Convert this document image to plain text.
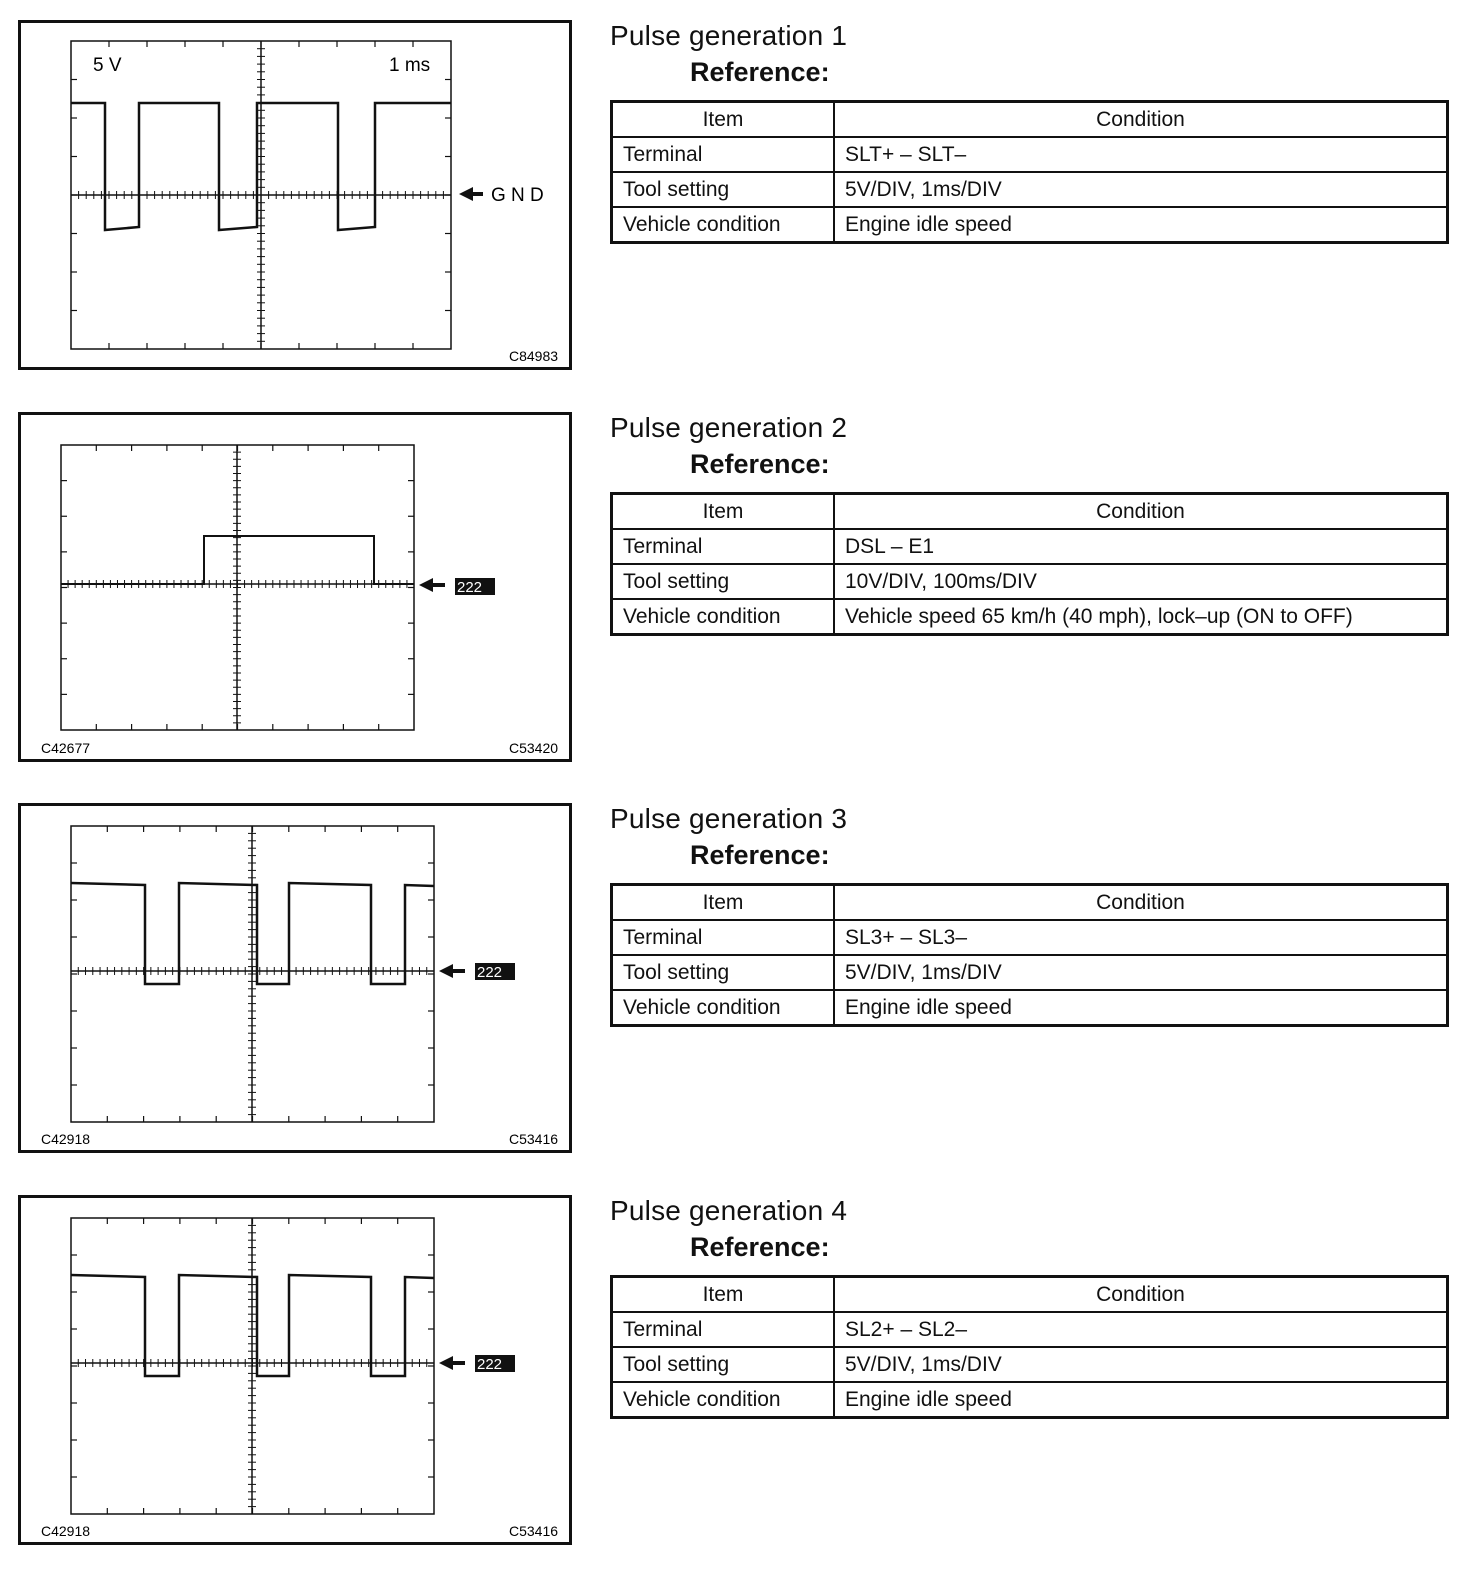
5 V	1 ms
G N D
C84983
Pulse generation 1
Reference:
Item	Condition
Terminal	SLT+ – SLT–
Tool setting	5V/DIV, 1ms/DIV
Vehicle condition	Engine idle speed
222
C42677	C53420
Pulse generation 2
Reference:
Item	Condition
Terminal	DSL – E1
Tool setting	10V/DIV, 100ms/DIV
Vehicle condition	Vehicle speed 65 km/h (40 mph), lock–up (ON to OFF)
222
C42918	C53416
Pulse generation 3
Reference:
Item	Condition
Terminal	SL3+ – SL3–
Tool setting	5V/DIV, 1ms/DIV
Vehicle condition	Engine idle speed
222
C42918	C53416
Pulse generation 4
Reference:
Item	Condition
Terminal	SL2+ – SL2–
Tool setting	5V/DIV, 1ms/DIV
Vehicle condition	Engine idle speed
